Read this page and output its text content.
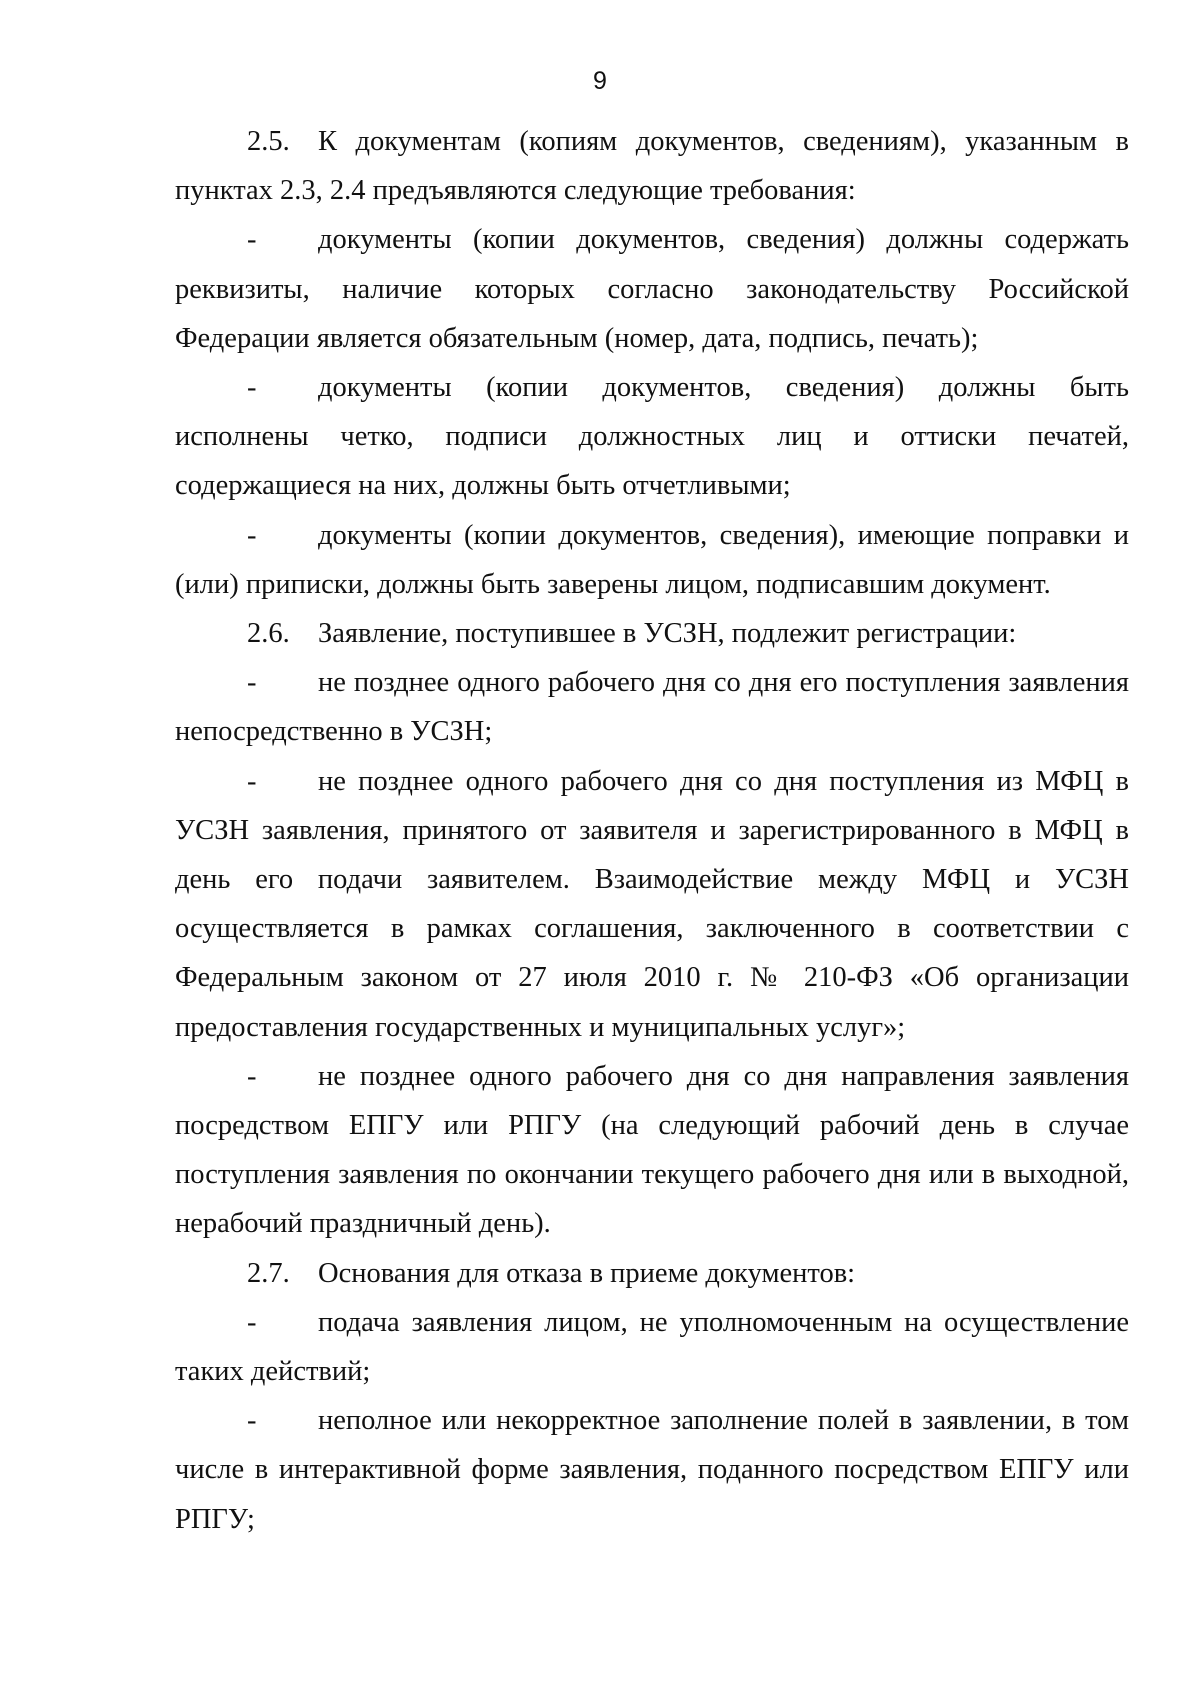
9

2.5. К документам (копиям документов, сведениям), указанным в пунктах 2.3, 2.4 предъявляются следующие требования:

- документы (копии документов, сведения) должны содержать реквизиты, наличие которых согласно законодательству Российской Федерации является обязательным (номер, дата, подпись, печать);

- документы (копии документов, сведения) должны быть исполнены четко, подписи должностных лиц и оттиски печатей, содержащиеся на них, должны быть отчетливыми;

- документы (копии документов, сведения), имеющие поправки и (или) приписки, должны быть заверены лицом, подписавшим документ.

2.6. Заявление, поступившее в УСЗН, подлежит регистрации:

- не позднее одного рабочего дня со дня его поступления заявления непосредственно в УСЗН;

- не позднее одного рабочего дня со дня поступления из МФЦ в УСЗН заявления, принятого от заявителя и зарегистрированного в МФЦ в день его подачи заявителем. Взаимодействие между МФЦ и УСЗН осуществляется в рамках соглашения, заключенного в соответствии с Федеральным законом от 27 июля 2010 г. № 210-ФЗ «Об организации предоставления государственных и муниципальных услуг»;

- не позднее одного рабочего дня со дня направления заявления посредством ЕПГУ или РПГУ (на следующий рабочий день в случае поступления заявления по окончании текущего рабочего дня или в выходной, нерабочий праздничный день).

2.7. Основания для отказа в приеме документов:

- подача заявления лицом, не уполномоченным на осуществление таких действий;

- неполное или некорректное заполнение полей в заявлении, в том числе в интерактивной форме заявления, поданного посредством ЕПГУ или РПГУ;
